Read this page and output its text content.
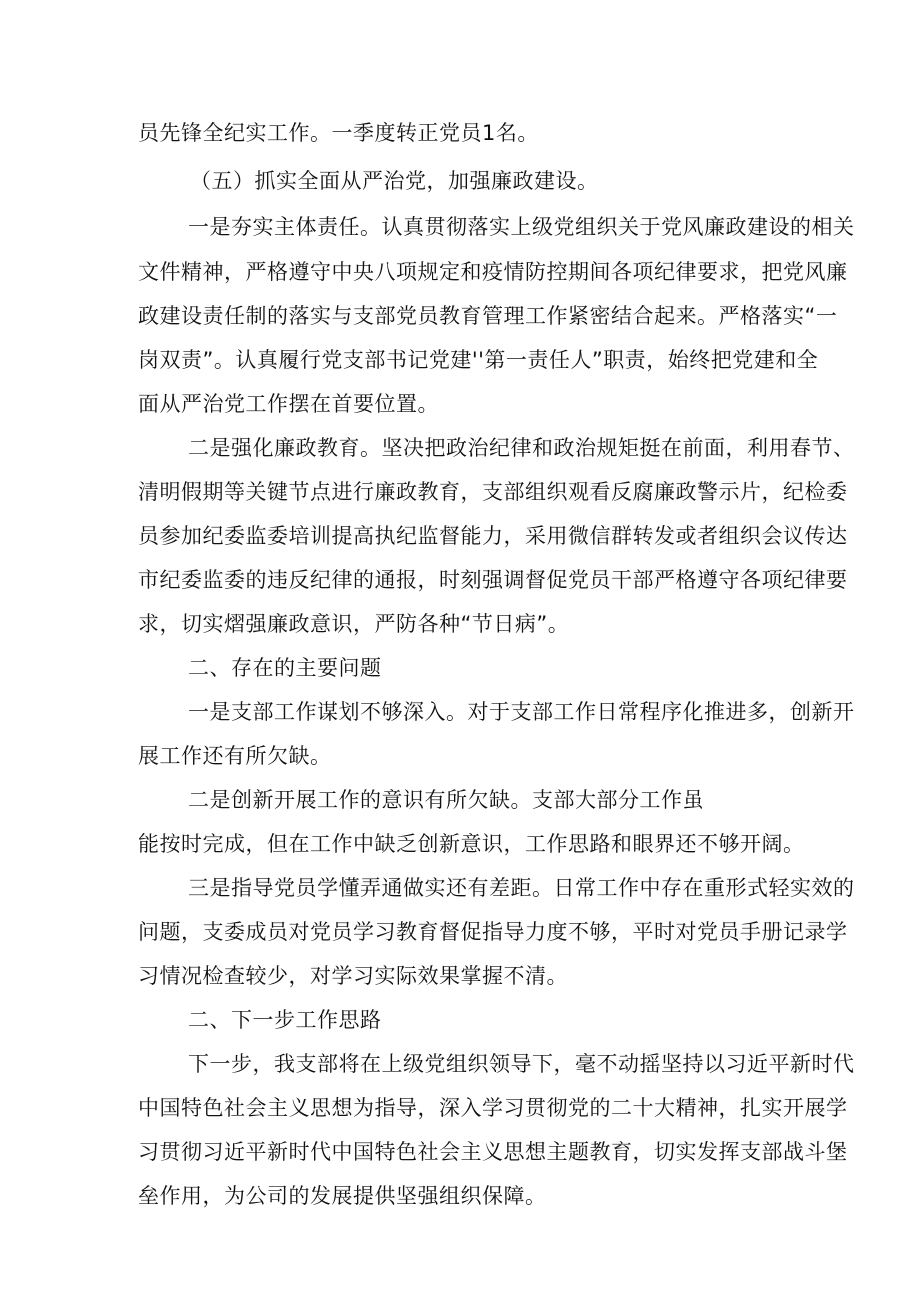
员先锋全纪实工作。一季度转正党员1名。
（五）抓实全面从严治党，加强廉政建设。
一是夯实主体责任。认真贯彻落实上级党组织关于党风廉政建设的相关
文件精神，严格遵守中央八项规定和疫情防控期间各项纪律要求，把党风廉
政建设责任制的落实与支部党员教育管理工作紧密结合起来。严格落实“一
岗双责”。认真履行党支部书记党建''第一责任人”职责，始终把党建和全
面从严治党工作摆在首要位置。
二是强化廉政教育。坚决把政治纪律和政治规矩挺在前面，利用春节、
清明假期等关键节点进行廉政教育，支部组织观看反腐廉政警示片，纪检委
员参加纪委监委培训提高执纪监督能力，采用微信群转发或者组织会议传达
市纪委监委的违反纪律的通报，时刻强调督促党员干部严格遵守各项纪律要
求，切实熠强廉政意识，严防各种“节日病”。
二、存在的主要问题
一是支部工作谋划不够深入。对于支部工作日常程序化推进多，创新开
展工作还有所欠缺。
二是创新开展工作的意识有所欠缺。支部大部分工作虽
能按时完成，但在工作中缺乏创新意识，工作思路和眼界还不够开阔。
三是指导党员学懂弄通做实还有差距。日常工作中存在重形式轻实效的
问题，支委成员对党员学习教育督促指导力度不够，平时对党员手册记录学
习情况检查较少，对学习实际效果掌握不清。
二、下一步工作思路
下一步，我支部将在上级党组织领导下，毫不动摇坚持以习近平新时代
中国特色社会主义思想为指导，深入学习贯彻党的二十大精神，扎实开展学
习贯彻习近平新时代中国特色社会主义思想主题教育，切实发挥支部战斗堡
垒作用，为公司的发展提供坚强组织保障。
